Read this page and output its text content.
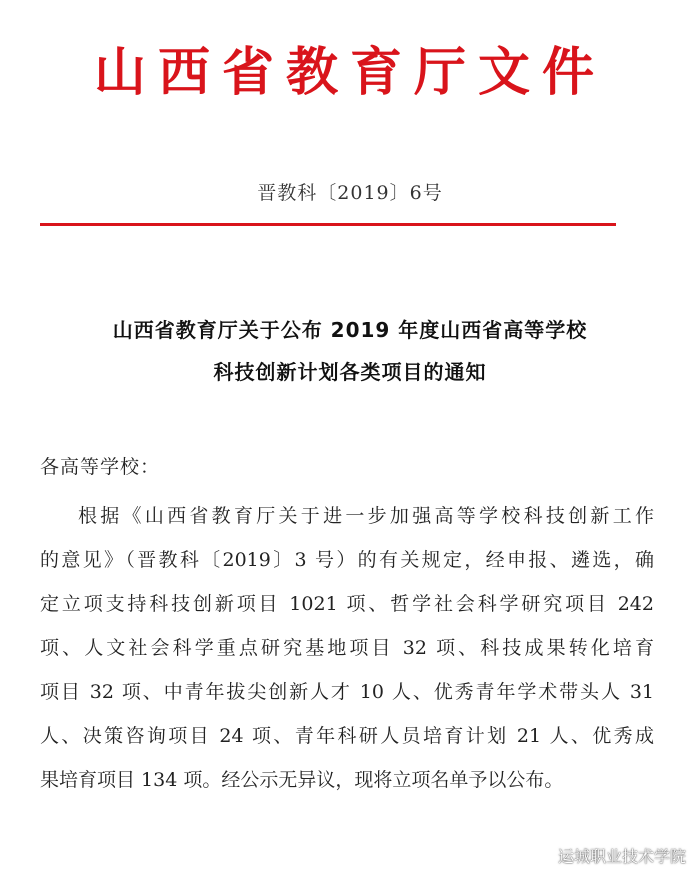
山西省教育厅文件
晋教科〔2019〕6号
山西省教育厅关于公布 2019 年度山西省高等学校
科技创新计划各类项目的通知
各高等学校：
根据《山西省教育厅关于进一步加强高等学校科技创新工作
的意见》（晋教科〔2019〕3 号）的有关规定，经申报、遴选，确
定立项支持科技创新项目 1021 项、哲学社会科学研究项目 242
项、人文社会科学重点研究基地项目 32 项、科技成果转化培育
项目 32 项、中青年拔尖创新人才 10 人、优秀青年学术带头人 31
人、决策咨询项目 24 项、青年科研人员培育计划 21 人、优秀成
果培育项目 134 项。经公示无异议，现将立项名单予以公布。
运城职业技术学院
